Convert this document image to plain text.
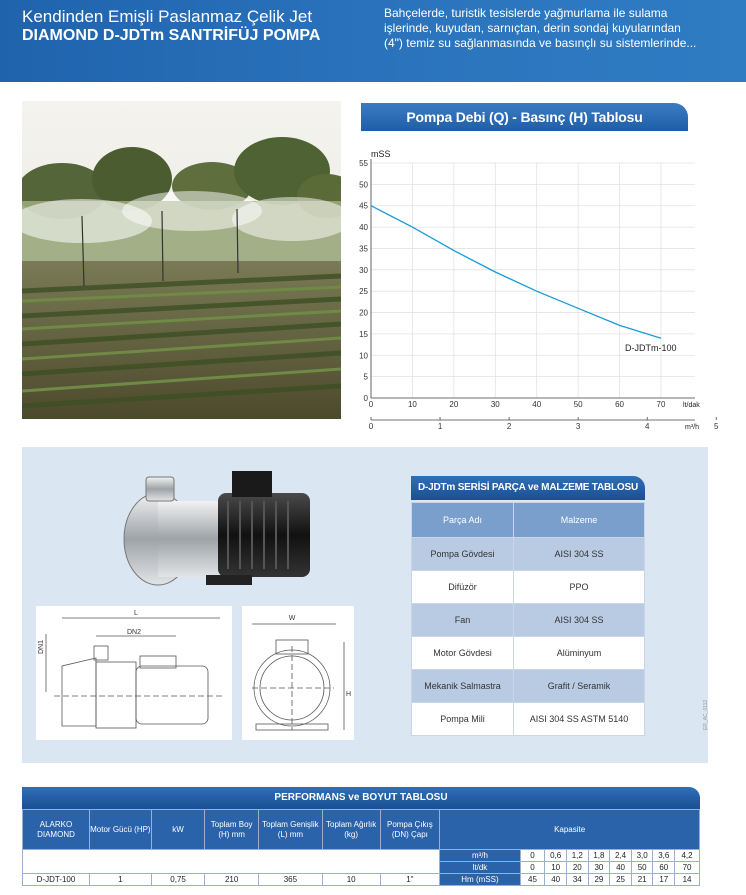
Kendinden Emişli Paslanmaz Çelik Jet
DIAMOND D-JDTm SANTRİFÜJ POMPA
Bahçelerde, turistik tesislerde yağmurlama ile sulama
işlerinde, kuyudan, sarnıçtan, derin sondaj kuyularından
(4") temiz su sağlanmasında ve basınçlı su sistemlerinde...
Pompa Debi (Q) - Basınç (H) Tablosu
0
5
10
15
20
25
30
35
40
45
50
55
0	10	20	30	40	50	60	70
0	1	2	3	4	5
D-JDTm-100
mSS
lt/dak
m³/h
L
DN2
DN1
W
H
D-JDTm SERİSİ PARÇA ve MALZEME TABLOSU
Parça Adı	Malzeme
Pompa Gövdesi	AISI 304 SS
Difüzör	PPO
Fan	AISI 304 SS
Motor Gövdesi	Alüminyum
Mekanik Salmastra	Grafit / Seramik
Pompa Mili	AISI 304 SS ASTM 5140	ER_AC_0112
PERFORMANS ve BOYUT TABLOSU
ALARKO DIAMOND	Motor Gücü (HP)	kW	Toplam Boy (H) mm	Toplam Genişlik (L) mm	Toplam Ağırlık (kg)	Pompa Çıkış (DN) Çapı	Kapasite								

							m³/h	0	0,6	1,2	1,8	2,4	3,0	3,6	4,2
							lt/dk	0	10	20	30	40	50	60	70
D-JDT-100	1	0,75	210	365	10	1"	Hm (mSS)	45	40	34	29	25	21	17	14
